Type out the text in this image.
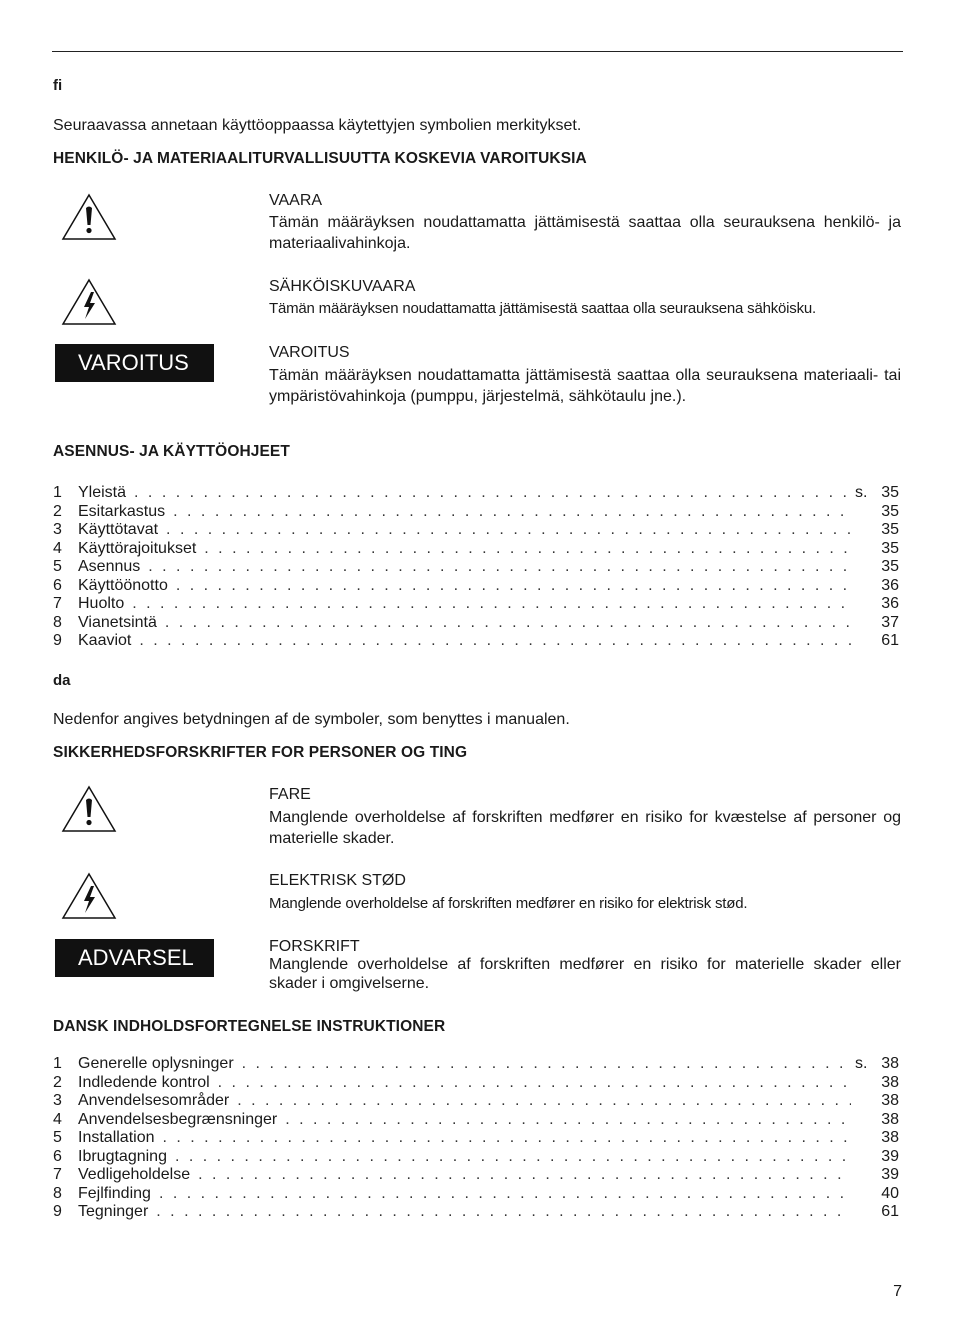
fi
Seuraavassa annetaan käyttöoppaassa käytettyjen symbolien merkitykset.
HENKILÖ- JA MATERIAALITURVALLISUUTTA KOSKEVIA VAROITUKSIA
VAARA
Tämän määräyksen noudattamatta jättämisestä saattaa olla seurauksena henkilö- ja materiaalivahinkoja.
SÄHKÖISKUVAARA
Tämän määräyksen noudattamatta jättämisestä saattaa olla seurauksena sähköisku.
VAROITUS	VAROITUS
Tämän määräyksen noudattamatta jättämisestä saattaa olla seurauksena materiaali- tai ympäristövahinkoja (pumppu, järjestelmä, sähkötaulu jne.).
ASENNUS- JA KÄYTTÖOHJEET
1	Yleistä . . .	s. 35
2	Esitarkastus . . .	35
3	Käyttötavat . . .	35
4	Käyttörajoitukset . . .	35
5	Asennus . . .	35
6	Käyttöönotto . . .	36
7	Huolto . . .	36
8	Vianetsintä . . .	37
9	Kaaviot . . .	61
da
Nedenfor angives betydningen af de symboler, som benyttes i manualen.
SIKKERHEDSFORSKRIFTER FOR PERSONER OG TING
FARE
Manglende overholdelse af forskriften medfører en risiko for kvæstelse af personer og materielle skader.
ELEKTRISK STØD
Manglende overholdelse af forskriften medfører en risiko for elektrisk stød.
ADVARSEL	FORSKRIFT
Manglende overholdelse af forskriften medfører en risiko for materielle skader eller skader i omgivelserne.
DANSK INDHOLDSFORTEGNELSE INSTRUKTIONER
1	Generelle oplysninger . . .	s. 38
2	Indledende kontrol . . .	38
3	Anvendelsesområder . . .	38
4	Anvendelsesbegrænsninger . . .	38
5	Installation . . .	38
6	Ibrugtagning . . .	39
7	Vedligeholdelse . . .	39
8	Fejlfinding . . .	40
9	Tegninger . . .	61
7
